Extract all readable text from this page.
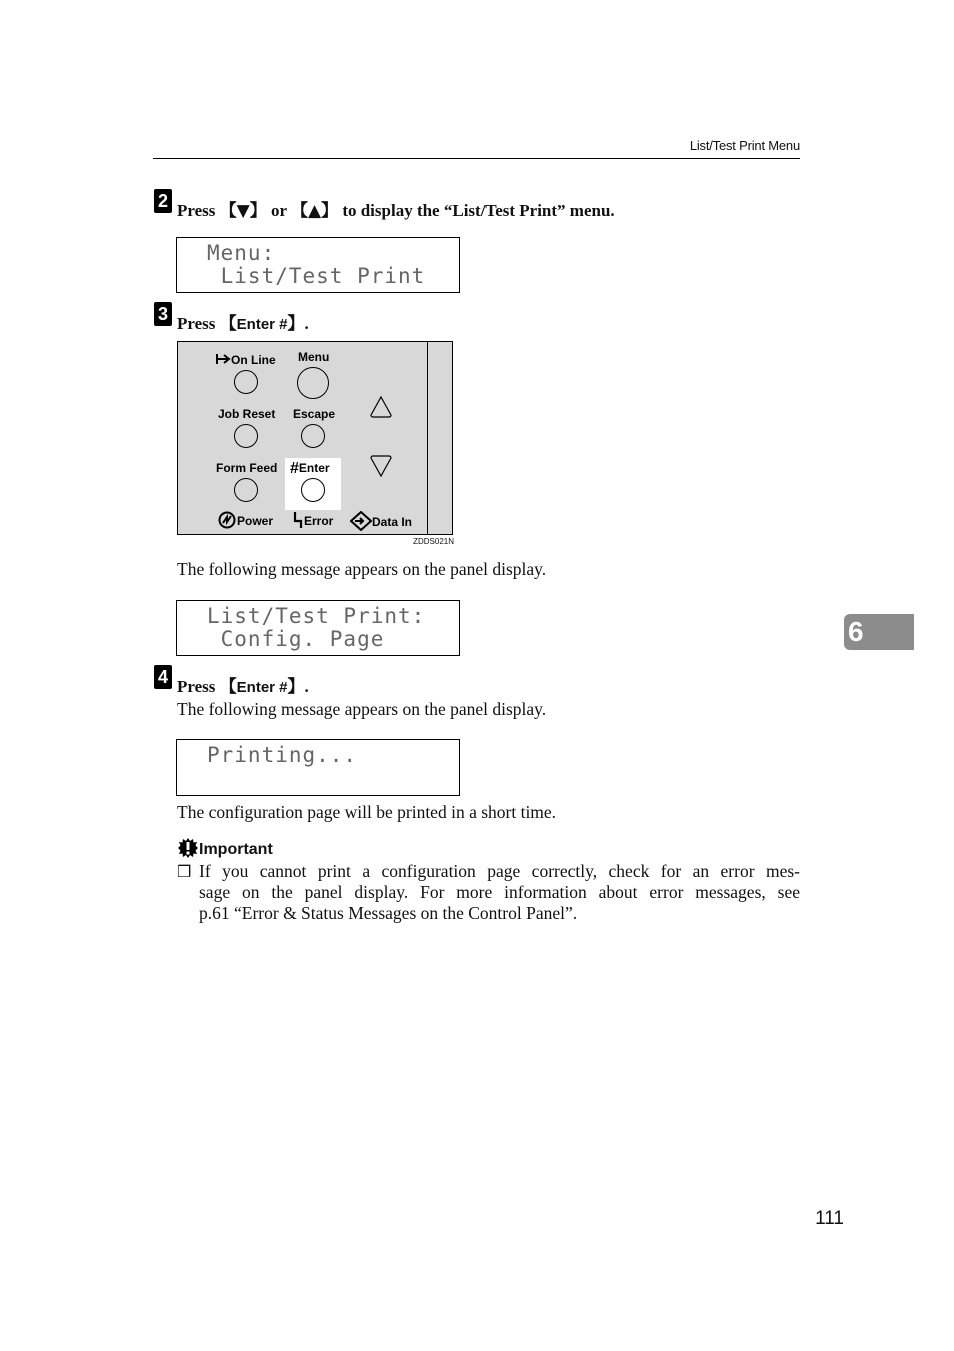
List/Test Print Menu
2 Press 【▼】 or 【▲】 to display the “List/Test Print” menu.

Menu:

List/Test Print

3 Press 【Enter #】.
On Line Menu
Job Reset Escape
Form Feed #Enter
Power	Error	Data In
ZDDS021N
The following message appears on the panel display.

List/Test Print:

Config. Page	6
4 Press 【Enter #】.
The following message appears on the panel display.

Printing...

The configuration page will be printed in a short time.
Important
❒ If you cannot print a configuration page correctly, check for an error mes-

sage on the panel display. For more information about error messages, see

p.61 “Error & Status Messages on the Control Panel”.

111
